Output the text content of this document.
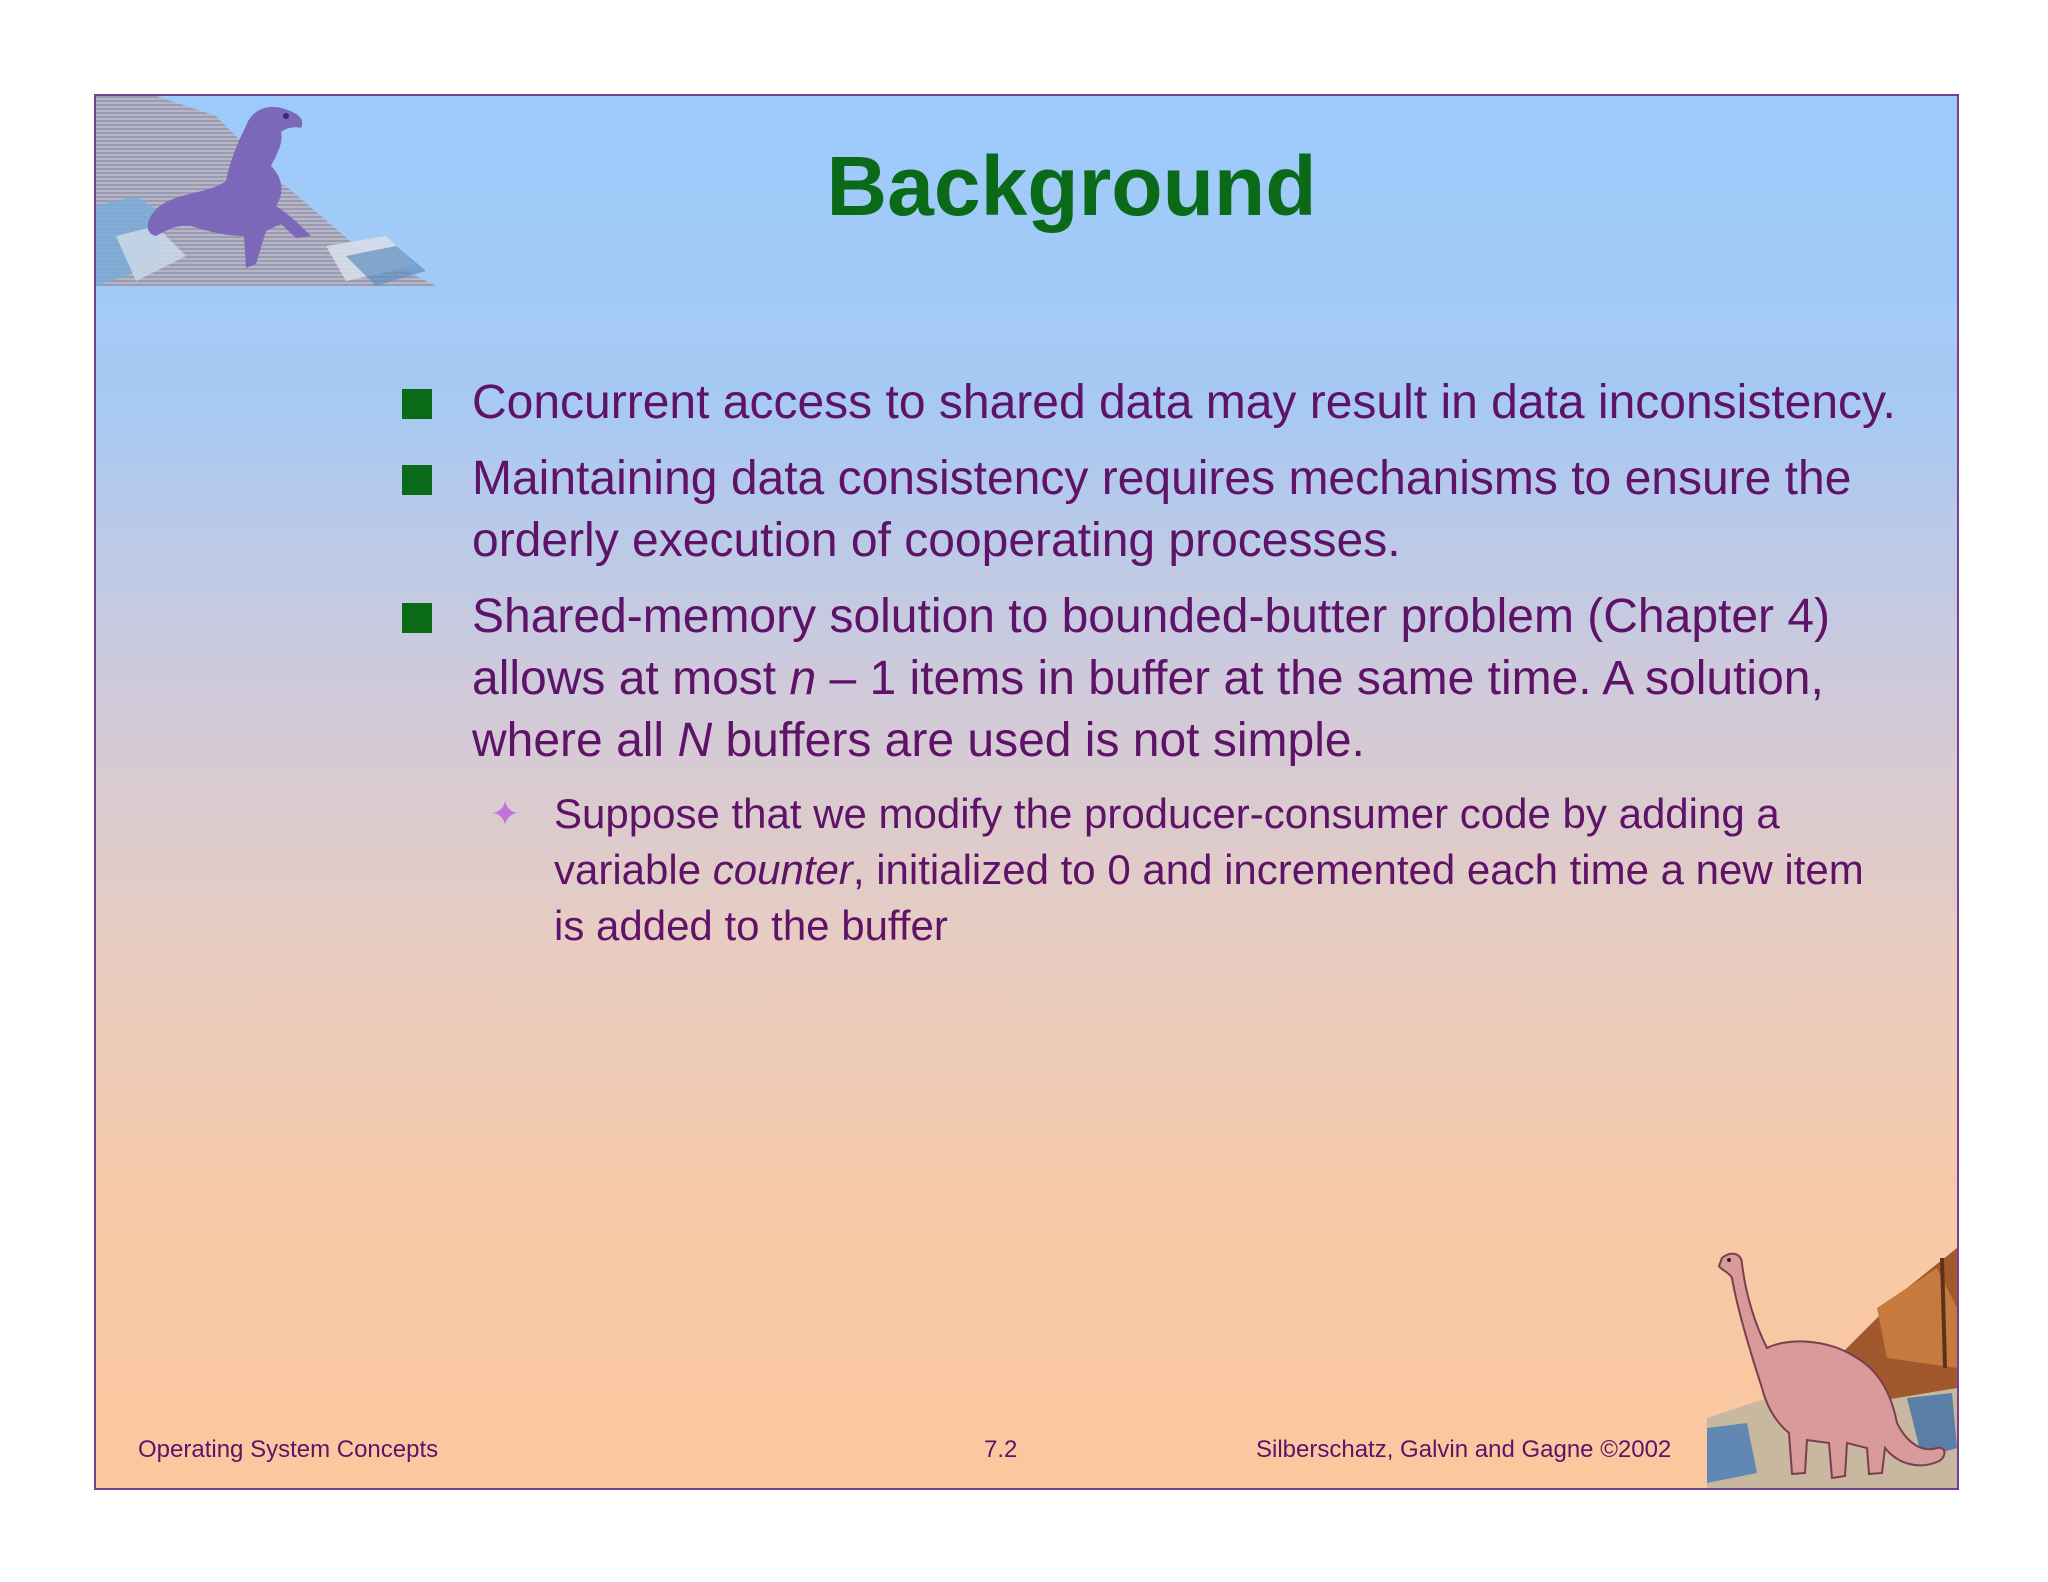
Background
Concurrent access to shared data may result in data inconsistency.
Maintaining data consistency requires mechanisms to ensure the orderly execution of cooperating processes.
Shared-memory solution to bounded-butter problem (Chapter 4) allows at most n – 1 items in buffer at the same time. A solution, where all N buffers are used is not simple.
✦ Suppose that we modify the producer-consumer code by adding a variable counter, initialized to 0 and incremented each time a new item is added to the buffer
Operating System Concepts	7.2	Silberschatz, Galvin and Gagne ©2002
